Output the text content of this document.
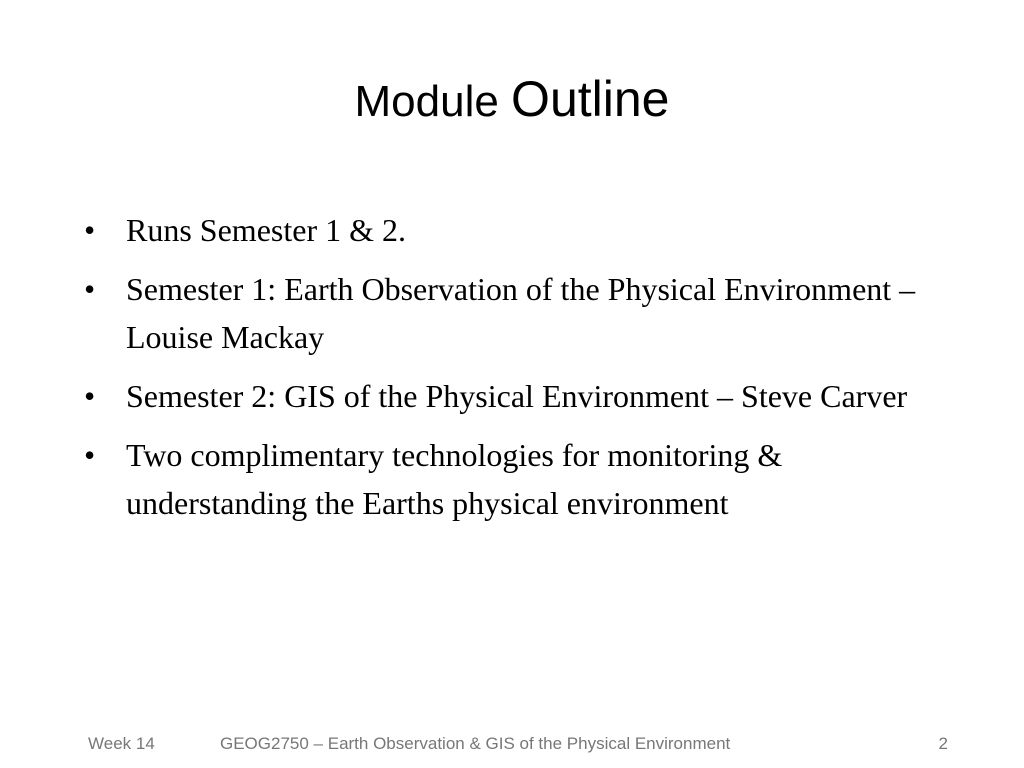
Module Outline
• Runs Semester 1 & 2.
• Semester 1: Earth Observation of the Physical Environment – Louise Mackay
• Semester 2: GIS of the Physical Environment – Steve Carver
• Two complimentary technologies for monitoring & understanding the Earths physical environment
Week 14	GEOG2750 – Earth Observation & GIS of the Physical Environment	2
